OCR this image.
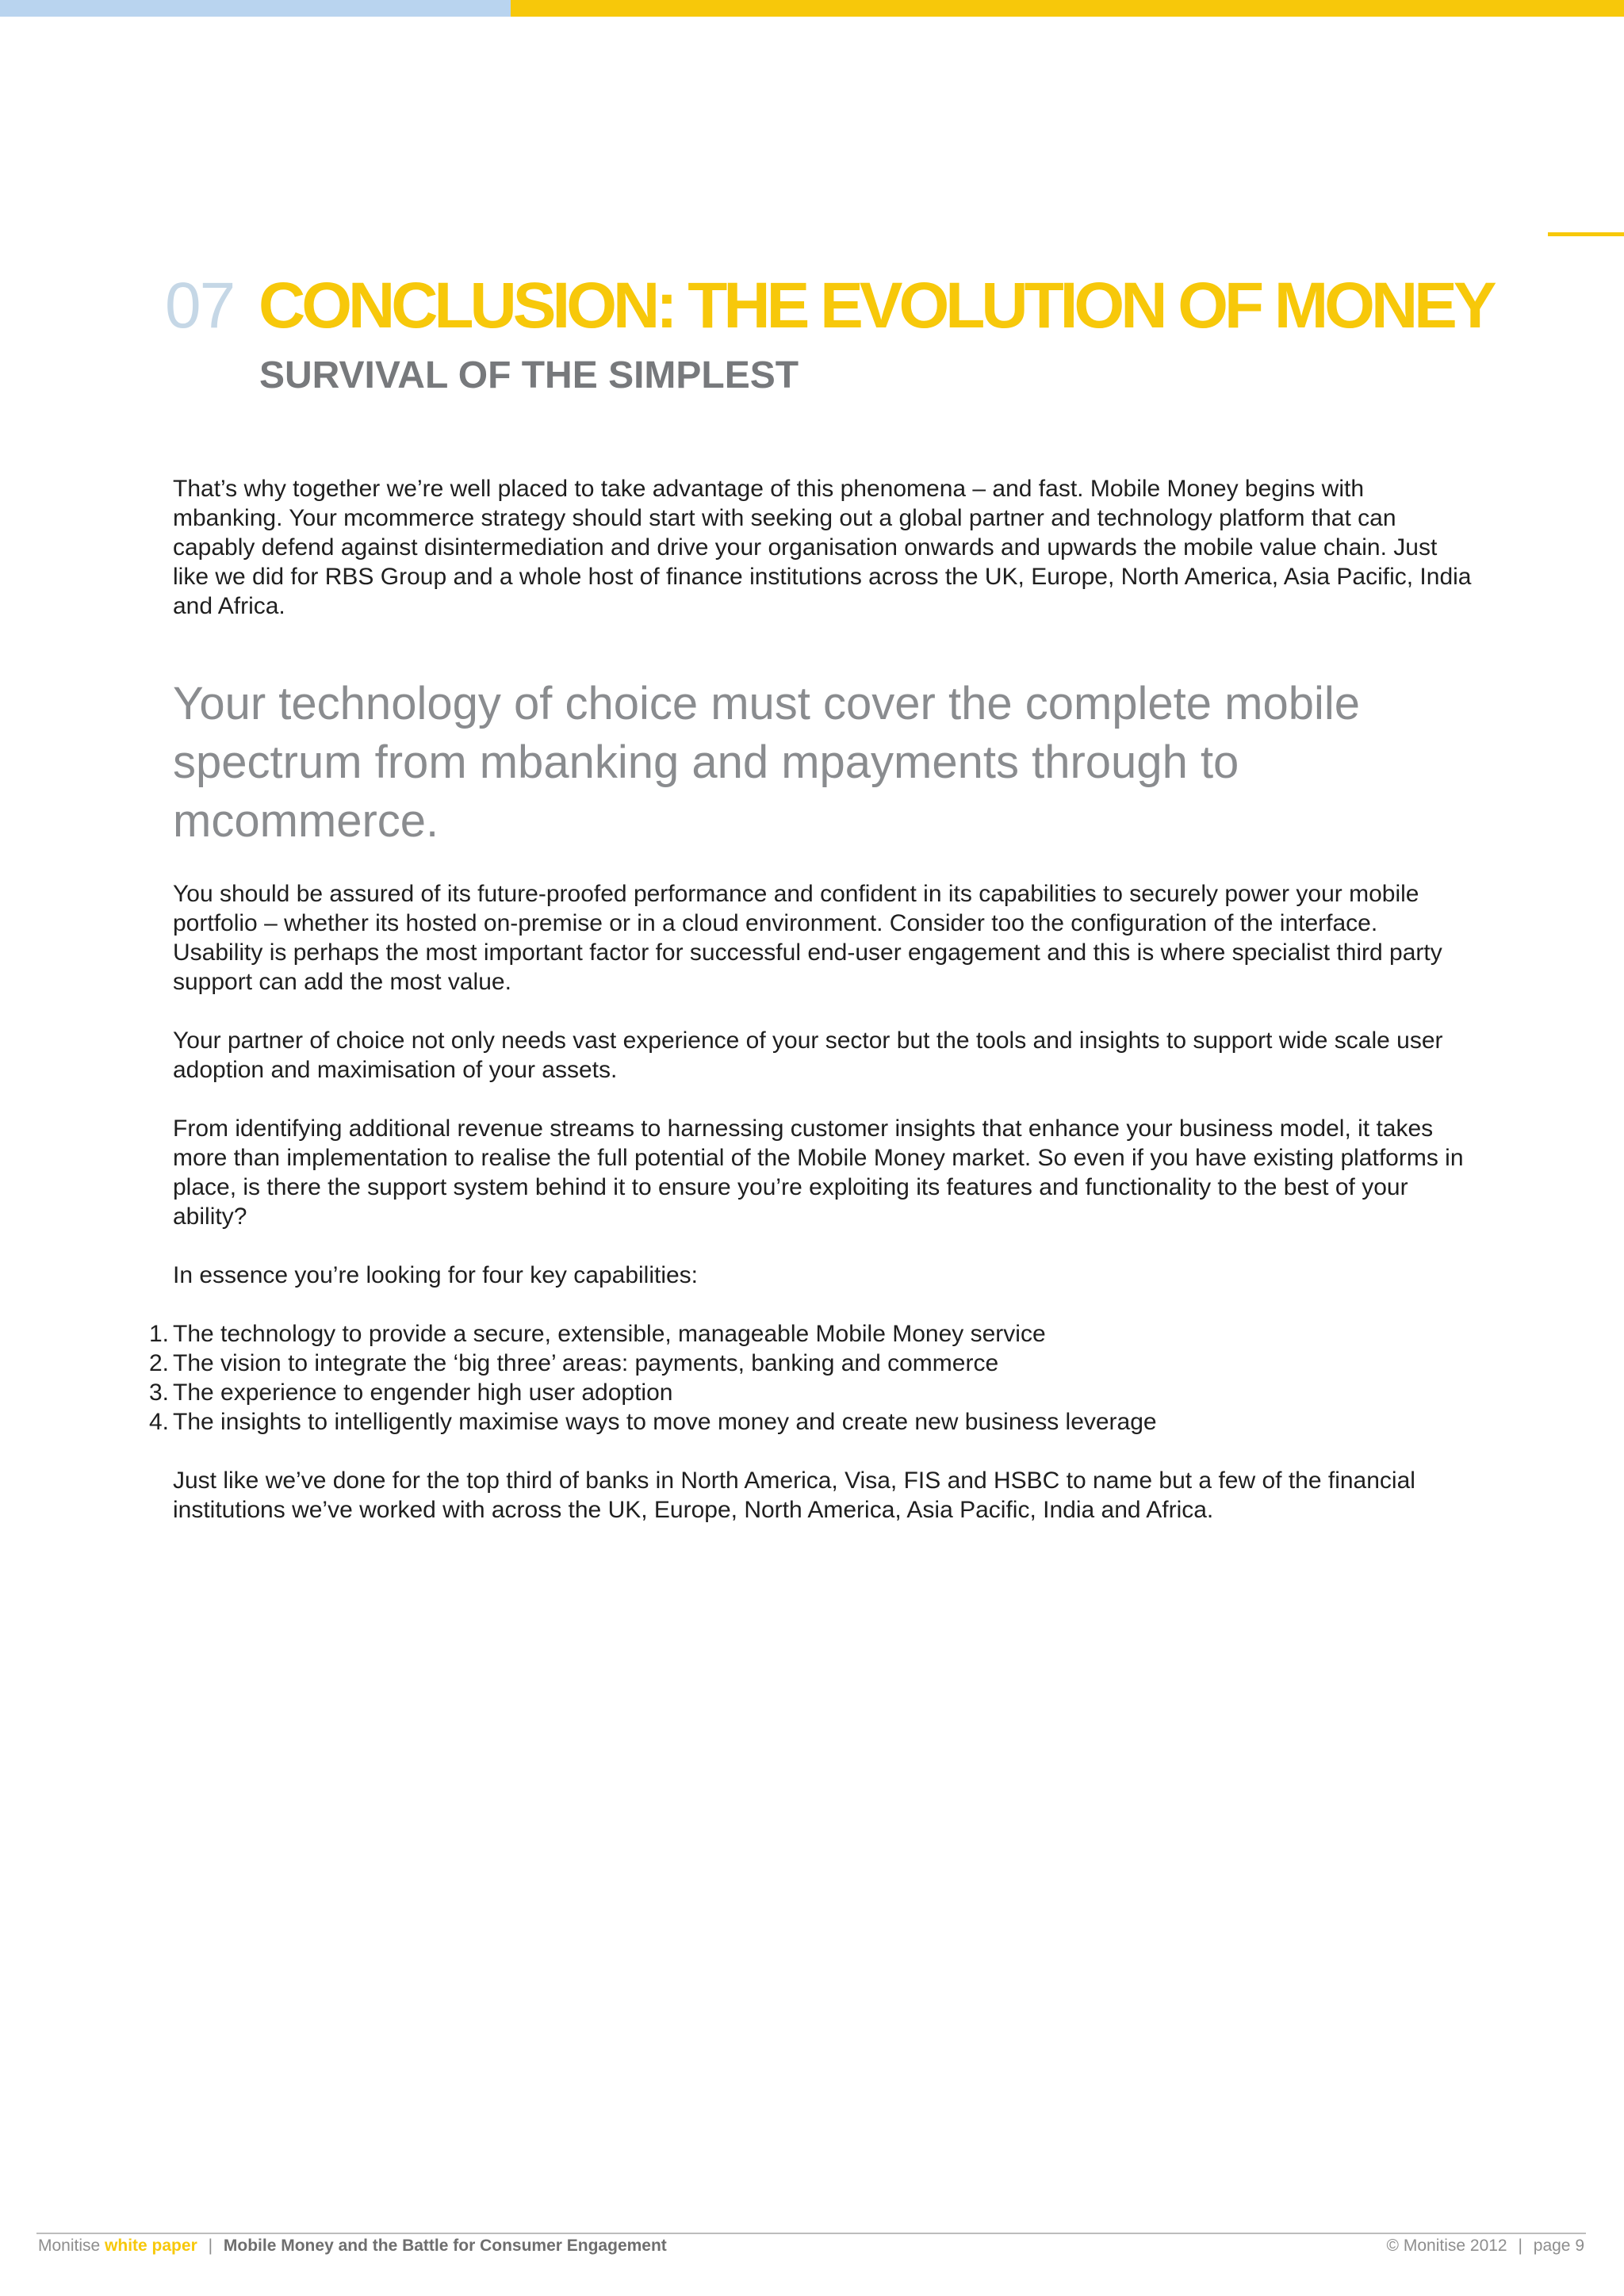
07 CONCLUSION: THE EVOLUTION OF MONEY
SURVIVAL OF THE SIMPLEST

That’s why together we’re well placed to take advantage of this phenomena – and fast. Mobile Money begins with mbanking. Your mcommerce strategy should start with seeking out a global partner and technology platform that can capably defend against disintermediation and drive your organisation onwards and upwards the mobile value chain. Just like we did for RBS Group and a whole host of finance institutions across the UK, Europe, North America, Asia Pacific, India and Africa.

Your technology of choice must cover the complete mobile spectrum from mbanking and mpayments through to mcommerce.

You should be assured of its future-proofed performance and confident in its capabilities to securely power your mobile portfolio – whether its hosted on-premise or in a cloud environment. Consider too the configuration of the interface. Usability is perhaps the most important factor for successful end-user engagement and this is where specialist third party support can add the most value.

Your partner of choice not only needs vast experience of your sector but the tools and insights to support wide scale user adoption and maximisation of your assets.

From identifying additional revenue streams to harnessing customer insights that enhance your business model, it takes more than implementation to realise the full potential of the Mobile Money market. So even if you have existing platforms in place, is there the support system behind it to ensure you’re exploiting its features and functionality to the best of your ability?

In essence you’re looking for four key capabilities:

1. The technology to provide a secure, extensible, manageable Mobile Money service
2. The vision to integrate the ‘big three’ areas: payments, banking and commerce
3. The experience to engender high user adoption
4. The insights to intelligently maximise ways to move money and create new business leverage

Just like we’ve done for the top third of banks in North America, Visa, FIS and HSBC to name but a few of the financial institutions we’ve worked with across the UK, Europe, North America, Asia Pacific, India and Africa.

Monitise white paper | Mobile Money and the Battle for Consumer Engagement	© Monitise 2012 | page 9
